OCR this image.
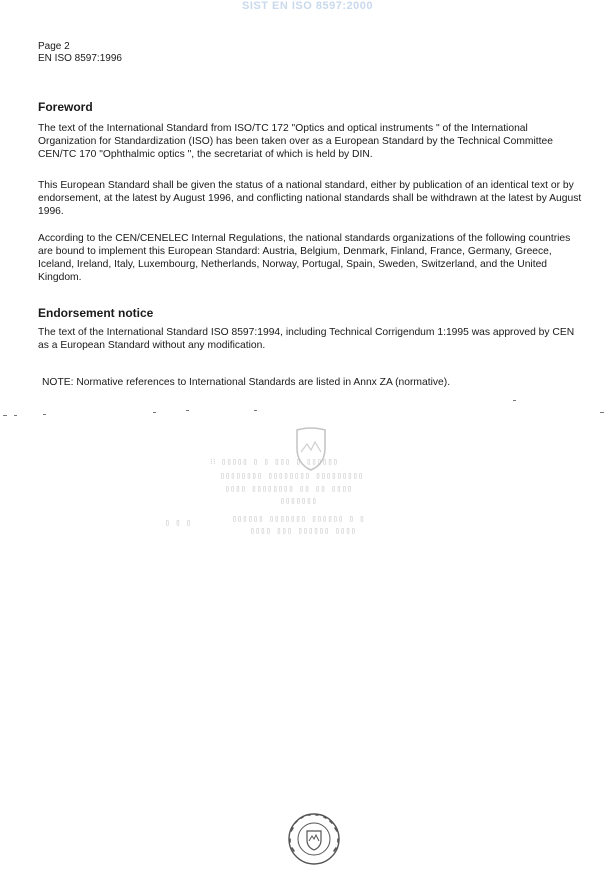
SIST EN ISO 8597:2000
Page 2
EN ISO 8597:1996
Foreword

The text of the International Standard from ISO/TC 172 "Optics and optical instruments " of the International Organization for Standardization (ISO) has been taken over as a European Standard by the Technical Committee CEN/TC 170 "Ophthalmic optics ", the secretariat of which is held by DIN.

This European Standard shall be given the status of a national standard, either by publication of an identical text or by endorsement, at the latest by August 1996, and conflicting national standards shall be withdrawn at the latest by August 1996.

According to the CEN/CENELEC Internal Regulations, the national standards organizations of the following countries are bound to implement this European Standard: Austria, Belgium, Denmark, Finland, France, Germany, Greece, Iceland, Ireland, Italy, Luxembourg, Netherlands, Norway, Portugal, Spain, Sweden, Switzerland, and the United Kingdom.

Endorsement notice

The text of the International Standard ISO 8597:1994, including Technical Corrigendum 1:1995 was approved by CEN as a European Standard without any modification.

NOTE: Normative references to International Standards are listed in Annx ZA (normative).
⁝⁝ ▯▯▯▯▯ ▯ ▯ ▯▯▯ ▯ ▯▯▯▯▯▯
▯▯▯▯▯▯▯▯ ▯▯▯▯▯▯▯▯ ▯▯▯▯▯▯▯▯▯
▯▯▯▯ ▯▯▯▯▯▯▯▯ ▯▯ ▯▯ ▯▯▯▯
▯▯▯▯▯▯▯
▯ ▯ ▯	▯▯▯▯▯▯ ▯▯▯▯▯▯▯ ▯▯▯▯▯▯ ▯ ▯
▯▯▯▯ ▯▯▯ ▯▯▯▯▯▯ ▯▯▯▯
